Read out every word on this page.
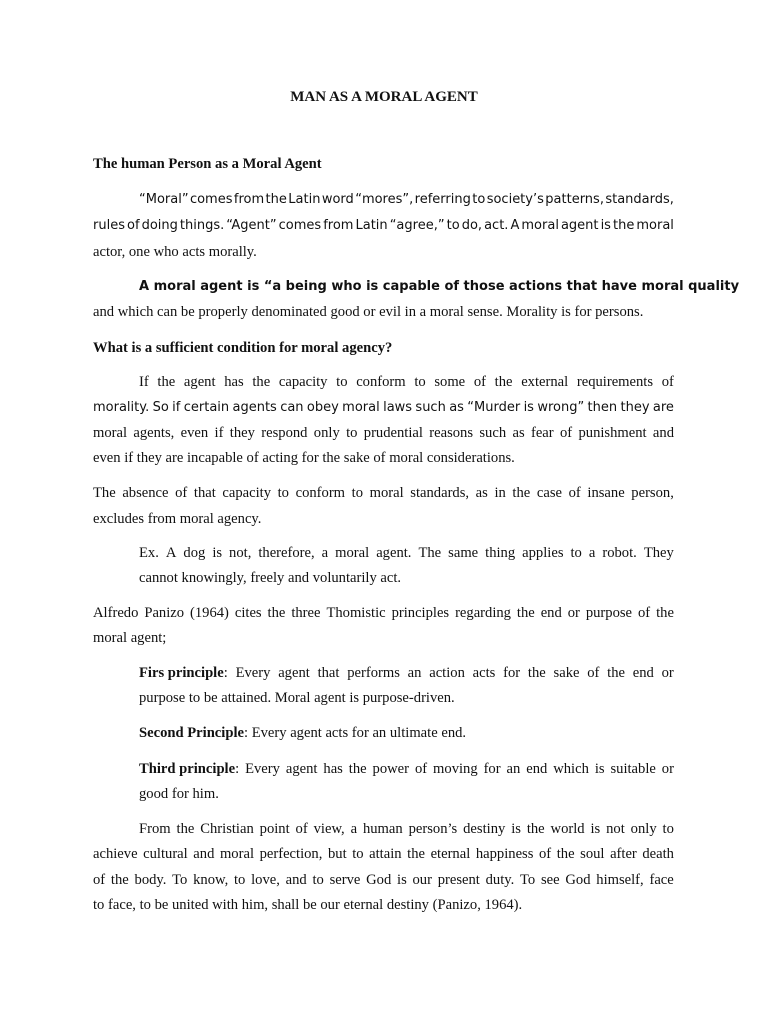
MAN AS A MORAL AGENT
The human Person as a Moral Agent
“Moral” comes from the Latin word “mores”, referring to society’s patterns, standards,
rules of doing things. “Agent” comes from Latin “agree,” to do, act. A moral agent is the moral
actor, one who acts morally.
A moral agent is “a being who is capable of those actions that have moral quality
and which can be properly denominated good or evil in a moral sense. Morality is for persons.
What is a sufficient condition for moral agency?
If the agent has the capacity to conform to some of the external requirements of
morality. So if certain agents can obey moral laws such as “Murder is wrong” then they are
moral agents, even if they respond only to prudential reasons such as fear of punishment and
even if they are incapable of acting for the sake of moral considerations.
The absence of that capacity to conform to moral standards, as in the case of insane person,
excludes from moral agency.
Ex. A dog is not, therefore, a moral agent. The same thing applies to a robot. They
cannot knowingly, freely and voluntarily act.
Alfredo Panizo (1964) cites the three Thomistic principles regarding the end or purpose of the
moral agent;
Firs principle: Every agent that performs an action acts for the sake of the end or
purpose to be attained. Moral agent is purpose-driven.
Second Principle: Every agent acts for an ultimate end.
Third principle: Every agent has the power of moving for an end which is suitable or
good for him.
From the Christian point of view, a human person’s destiny is the world is not only to
achieve cultural and moral perfection, but to attain the eternal happiness of the soul after death
of the body. To know, to love, and to serve God is our present duty. To see God himself, face
to face, to be united with him, shall be our eternal destiny (Panizo, 1964).
